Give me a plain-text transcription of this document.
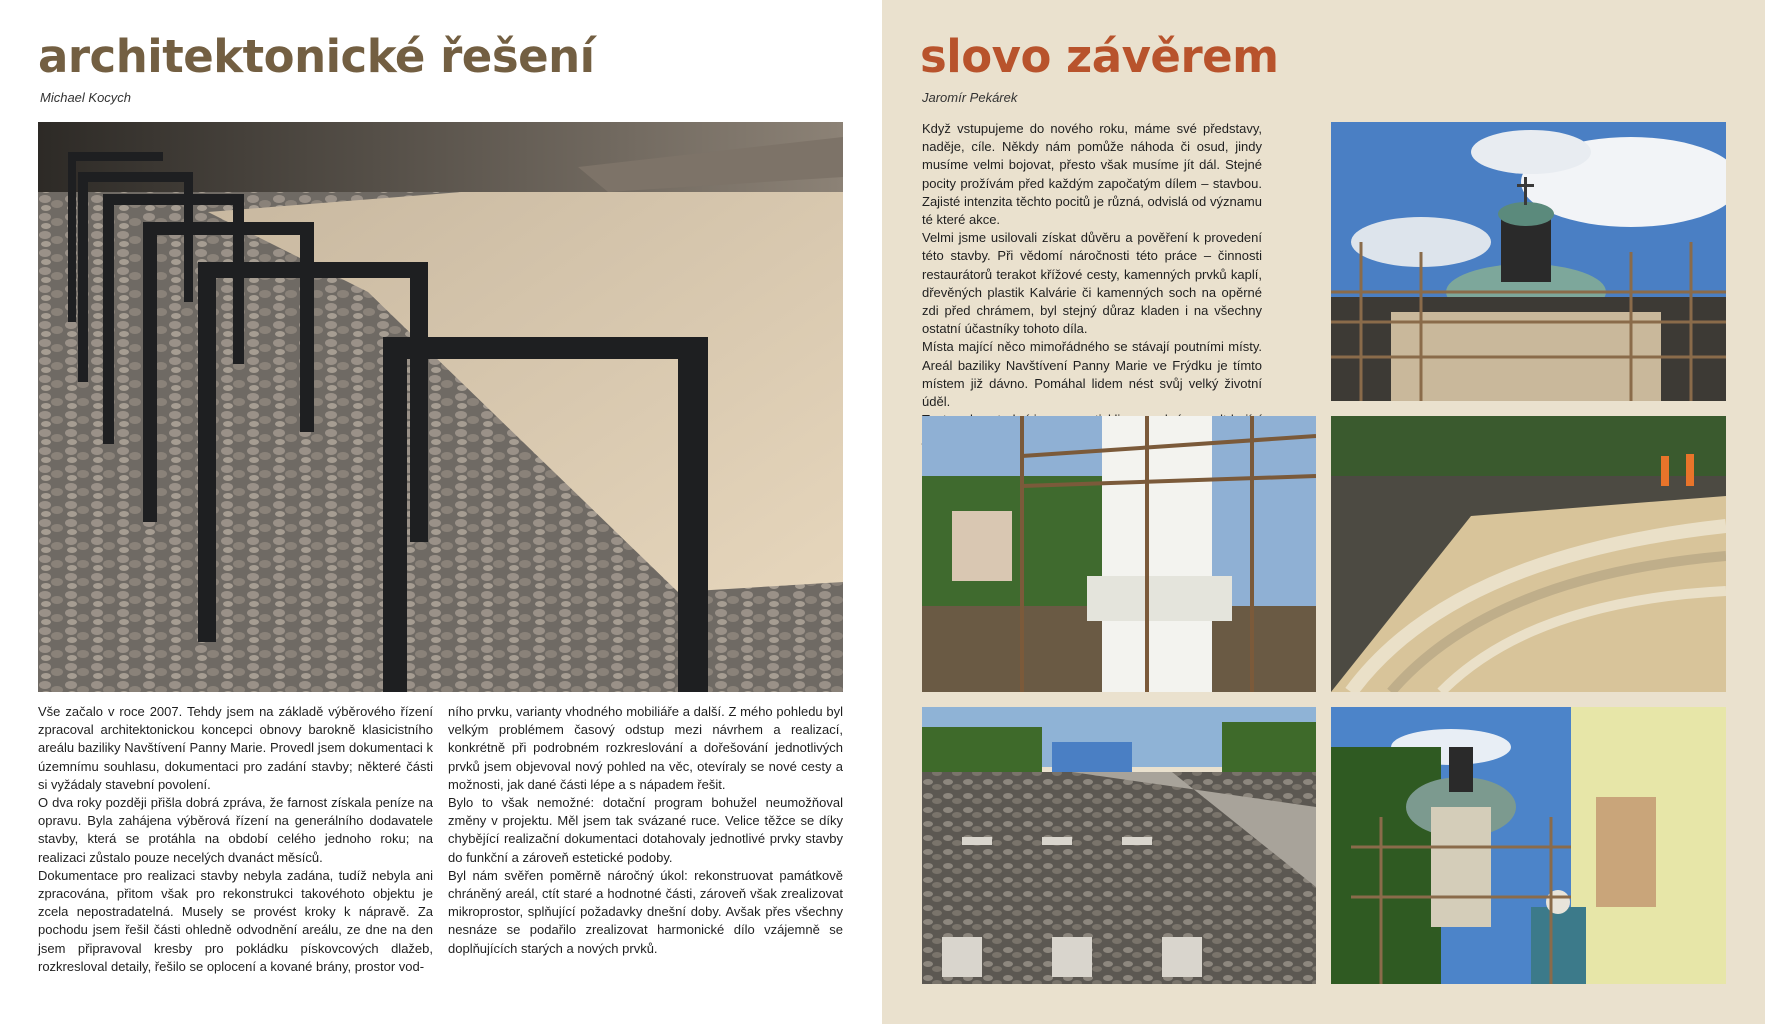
architektonické řešení
Michael Kocych

Vše začalo v roce 2007. Tehdy jsem na základě výběrového řízení zpracoval architektonickou koncepci obnovy barokně klasicistního areálu baziliky Navštívení Panny Marie. Provedl jsem dokumentaci k územnímu souhlasu, dokumentaci pro zadání stavby; některé části si vyžádaly stavební povolení.

O dva roky později přišla dobrá zpráva, že farnost získala peníze na opravu. Byla zahájena výběrová řízení na generálního dodavatele stavby, která se protáhla na období celého jednoho roku; na realizaci zůstalo pouze necelých dvanáct měsíců.

Dokumentace pro realizaci stavby nebyla zadána, tudíž nebyla ani zpracována, přitom však pro rekonstrukci takovéhoto objektu je zcela nepostradatelná. Musely se provést kroky k nápravě. Za pochodu jsem řešil části ohledně odvodnění areálu, ze dne na den jsem připravoval kresby pro pokládku pískovcových dlažeb, rozkresloval detaily, řešilo se oplocení a kované brány, prostor vod-

ního prvku, varianty vhodného mobiliáře a další. Z mého pohledu byl velkým problémem časový odstup mezi návrhem a realizací, konkrétně při podrobném rozkreslování a dořešování jednotlivých prvků jsem objevoval nový pohled na věc, otevíraly se nové cesty a možnosti, jak dané části lépe a s nápadem řešit.

Bylo to však nemožné: dotační program bohužel neumožňoval změny v projektu. Měl jsem tak svázané ruce. Velice těžce se díky chybějící realizační dokumentaci dotahovaly jednotlivé prvky stavby do funkční a zároveň estetické podoby.

Byl nám svěřen poměrně náročný úkol: rekonstruovat památkově chráněný areál, ctít staré a hodnotné části, zároveň však zrealizovat mikroprostor, splňující požadavky dnešní doby. Avšak přes všechny nesnáze se podařilo zrealizovat harmonické dílo vzájemně se doplňujících starých a nových prvků.

slovo závěrem
Jaromír Pekárek

Když vstupujeme do nového roku, máme své představy, naděje, cíle. Někdy nám pomůže náhoda či osud, jindy musíme velmi bojovat, přesto však musíme jít dál. Stejné pocity prožívám před každým započatým dílem – stavbou. Zajisté intenzita těchto pocitů je různá, odvislá od významu té které akce.

Velmi jsme usilovali získat důvěru a pověření k provedení této stavby. Při vědomí náročnosti této práce – činnosti restaurátorů terakot křížové cesty, kamenných prvků kaplí, dřevěných plastik Kalvárie či kamenných soch na opěrné zdi před chrámem, byl stejný důraz kladen i na všechny ostatní účastníky tohoto díla.

Místa mající něco mimořádného se stávají poutními místy. Areál baziliky Navštívení Panny Marie ve Frýdku je tímto místem již dávno. Pomáhal lidem nést svůj velký životní úděl.
